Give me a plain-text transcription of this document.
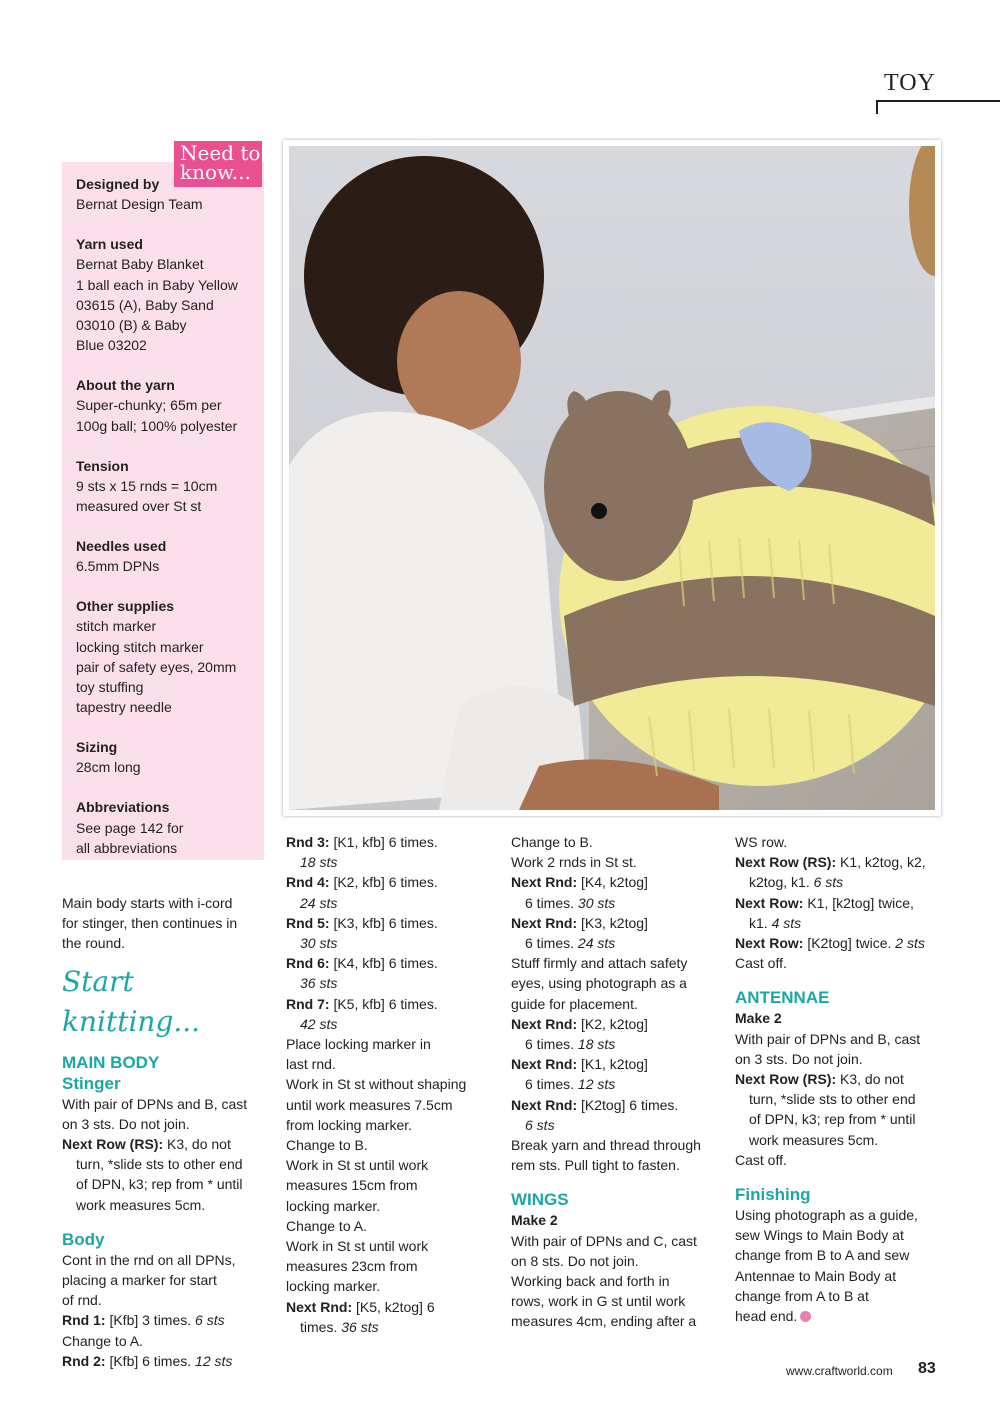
TOY
Need to know...
Designed by
Bernat Design Team
Yarn used
Bernat Baby Blanket
1 ball each in Baby Yellow
03615 (A), Baby Sand
03010 (B) & Baby
Blue 03202
About the yarn
Super-chunky; 65m per
100g ball; 100% polyester
Tension
9 sts x 15 rnds = 10cm
measured over St st
Needles used
6.5mm DPNs
Other supplies
stitch marker
locking stitch marker
pair of safety eyes, 20mm
toy stuffing
tapestry needle
Sizing
28cm long
Abbreviations
See page 142 for
all abbreviations

Main body starts with i-cord

for stinger, then continues in

the round.

Start knitting...

MAIN BODY

Stinger

With pair of DPNs and B, cast

on 3 sts. Do not join.

Next Row (RS): K3, do not

turn, *slide sts to other end

of DPN, k3; rep from * until

work measures 5cm.

Body

Cont in the rnd on all DPNs,

placing a marker for start

of rnd.

Rnd 1: [Kfb] 3 times. 6 sts

Change to A.

Rnd 2: [Kfb] 6 times. 12 sts

Rnd 3: [K1, kfb] 6 times.

18 sts

Rnd 4: [K2, kfb] 6 times.

24 sts

Rnd 5: [K3, kfb] 6 times.

30 sts

Rnd 6: [K4, kfb] 6 times.

36 sts

Rnd 7: [K5, kfb] 6 times.

42 sts

Place locking marker in

last rnd.

Work in St st without shaping

until work measures 7.5cm

from locking marker.

Change to B.

Work in St st until work

measures 15cm from

locking marker.

Change to A.

Work in St st until work

measures 23cm from

locking marker.

Next Rnd: [K5, k2tog] 6

times. 36 sts

Change to B.

Work 2 rnds in St st.

Next Rnd: [K4, k2tog]

6 times. 30 sts

Next Rnd: [K3, k2tog]

6 times. 24 sts

Stuff firmly and attach safety

eyes, using photograph as a

guide for placement.

Next Rnd: [K2, k2tog]

6 times. 18 sts

Next Rnd: [K1, k2tog]

6 times. 12 sts

Next Rnd: [K2tog] 6 times.

6 sts

Break yarn and thread through

rem sts. Pull tight to fasten.

WINGS

Make 2

With pair of DPNs and C, cast

on 8 sts. Do not join.

Working back and forth in

rows, work in G st until work

measures 4cm, ending after a

WS row.

Next Row (RS): K1, k2tog, k2,

k2tog, k1. 6 sts

Next Row: K1, [k2tog] twice,

k1. 4 sts

Next Row: [K2tog] twice. 2 sts

Cast off.

ANTENNAE

Make 2

With pair of DPNs and B, cast

on 3 sts. Do not join.

Next Row (RS): K3, do not

turn, *slide sts to other end

of DPN, k3; rep from * until

work measures 5cm.

Cast off.

Finishing

Using photograph as a guide,

sew Wings to Main Body at

change from B to A and sew

Antennae to Main Body at

change from A to B at

head end.

www.craftworld.com 83
